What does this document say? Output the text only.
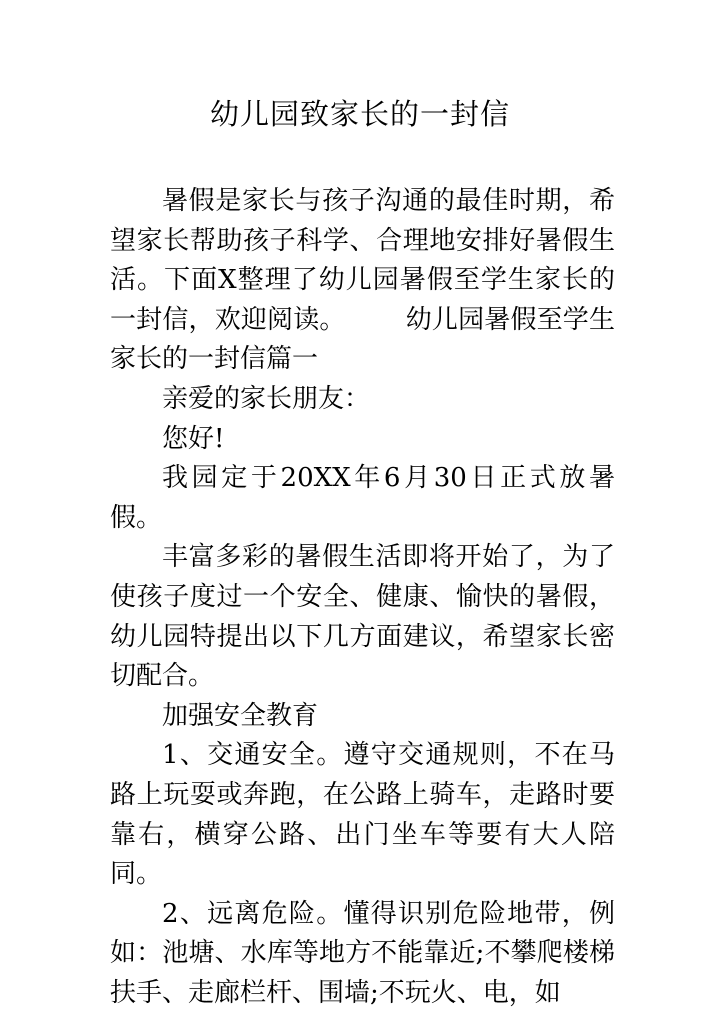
幼儿园致家长的一封信

暑假是家长与孩子沟通的最佳时期，希望家长帮助孩子科学、合理地安排好暑假生活。下面X整理了幼儿园暑假至学生家长的一封信，欢迎阅读。 幼儿园暑假至学生家长的一封信篇一

亲爱的家长朋友：

您好!

我园定于20XX年6月30日正式放暑假。

丰富多彩的暑假生活即将开始了，为了使孩子度过一个安全、健康、愉快的暑假，幼儿园特提出以下几方面建议，希望家长密切配合。

加强安全教育

1、交通安全。遵守交通规则，不在马路上玩耍或奔跑，在公路上骑车，走路时要靠右，横穿公路、出门坐车等要有大人陪同。

2、远离危险。懂得识别危险地带，例如：池塘、水库等地方不能靠近;不攀爬楼梯扶手、走廊栏杆、围墙;不玩火、电，如
